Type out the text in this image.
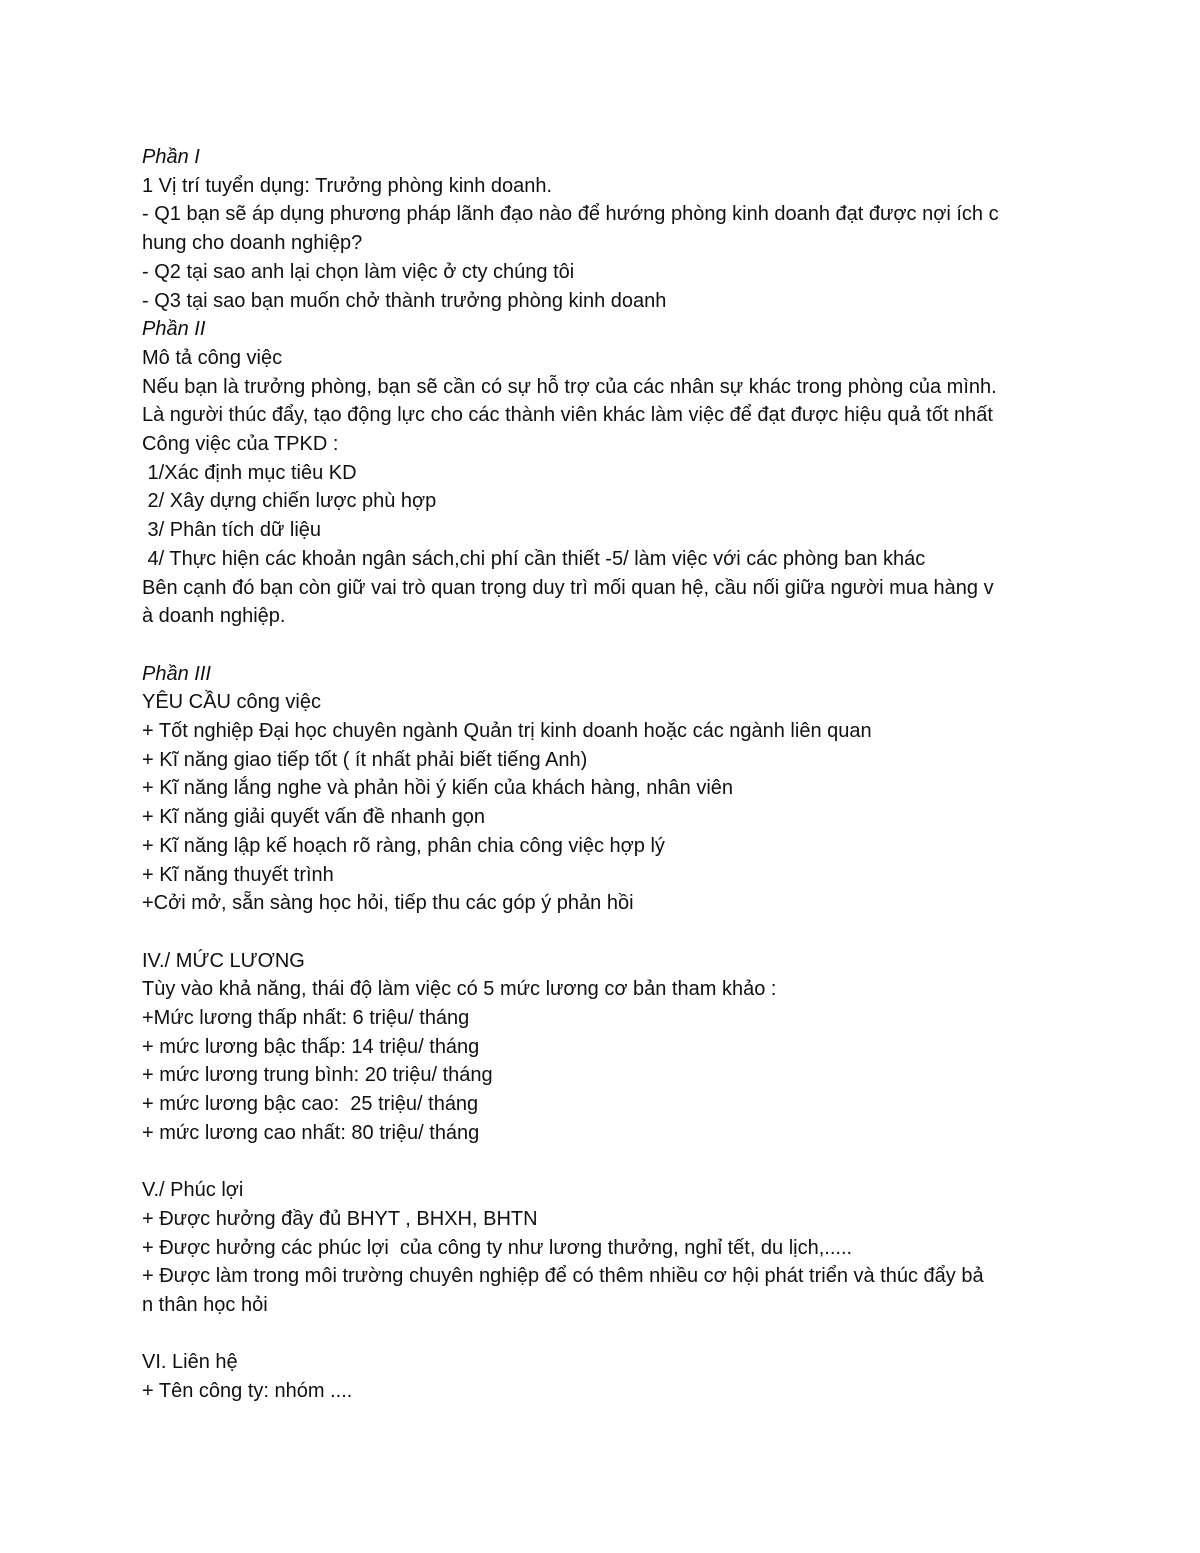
Phần I
1 Vị trí tuyển dụng: Trưởng phòng kinh doanh.
- Q1 bạn sẽ áp dụng phương pháp lãnh đạo nào để hướng phòng kinh doanh đạt được nợi ích c
hung cho doanh nghiệp?
- Q2 tại sao anh lại chọn làm việc ở cty chúng tôi
- Q3 tại sao bạn muốn chở thành trưởng phòng kinh doanh
Phần II
Mô tả công việc
Nếu bạn là trưởng phòng, bạn sẽ cần có sự hỗ trợ của các nhân sự khác trong phòng của mình.
Là người thúc đẩy, tạo động lực cho các thành viên khác làm việc để đạt được hiệu quả tốt nhất
Công việc của TPKD :
1/Xác định mục tiêu KD
2/ Xây dựng chiến lược phù hợp
3/ Phân tích dữ liệu
4/ Thực hiện các khoản ngân sách,chi phí cần thiết -5/ làm việc với các phòng ban khác
Bên cạnh đó bạn còn giữ vai trò quan trọng duy trì mối quan hệ, cầu nối giữa người mua hàng v
à doanh nghiệp.
Phần III
YÊU CẦU công việc
+ Tốt nghiệp Đại học chuyên ngành Quản trị kinh doanh hoặc các ngành liên quan
+ Kĩ năng giao tiếp tốt ( ít nhất phải biết tiếng Anh)
+ Kĩ năng lắng nghe và phản hồi ý kiến của khách hàng, nhân viên
+ Kĩ năng giải quyết vấn đề nhanh gọn
+ Kĩ năng lập kế hoạch rõ ràng, phân chia công việc hợp lý
+ Kĩ năng thuyết trình
+Cởi mở, sẵn sàng học hỏi, tiếp thu các góp ý phản hồi
IV./ MỨC LƯƠNG
Tùy vào khả năng, thái độ làm việc có 5 mức lương cơ bản tham khảo :
+Mức lương thấp nhất: 6 triệu/ tháng
+ mức lương bậc thấp: 14 triệu/ tháng
+ mức lương trung bình: 20 triệu/ tháng
+ mức lương bậc cao:  25 triệu/ tháng
+ mức lương cao nhất: 80 triệu/ tháng
V./ Phúc lợi
+ Được hưởng đầy đủ BHYT , BHXH, BHTN
+ Được hưởng các phúc lợi  của công ty như lương thưởng, nghỉ tết, du lịch,.....
+ Được làm trong môi trường chuyên nghiệp để có thêm nhiều cơ hội phát triển và thúc đẩy bả
n thân học hỏi
VI. Liên hệ
+ Tên công ty: nhóm ....
